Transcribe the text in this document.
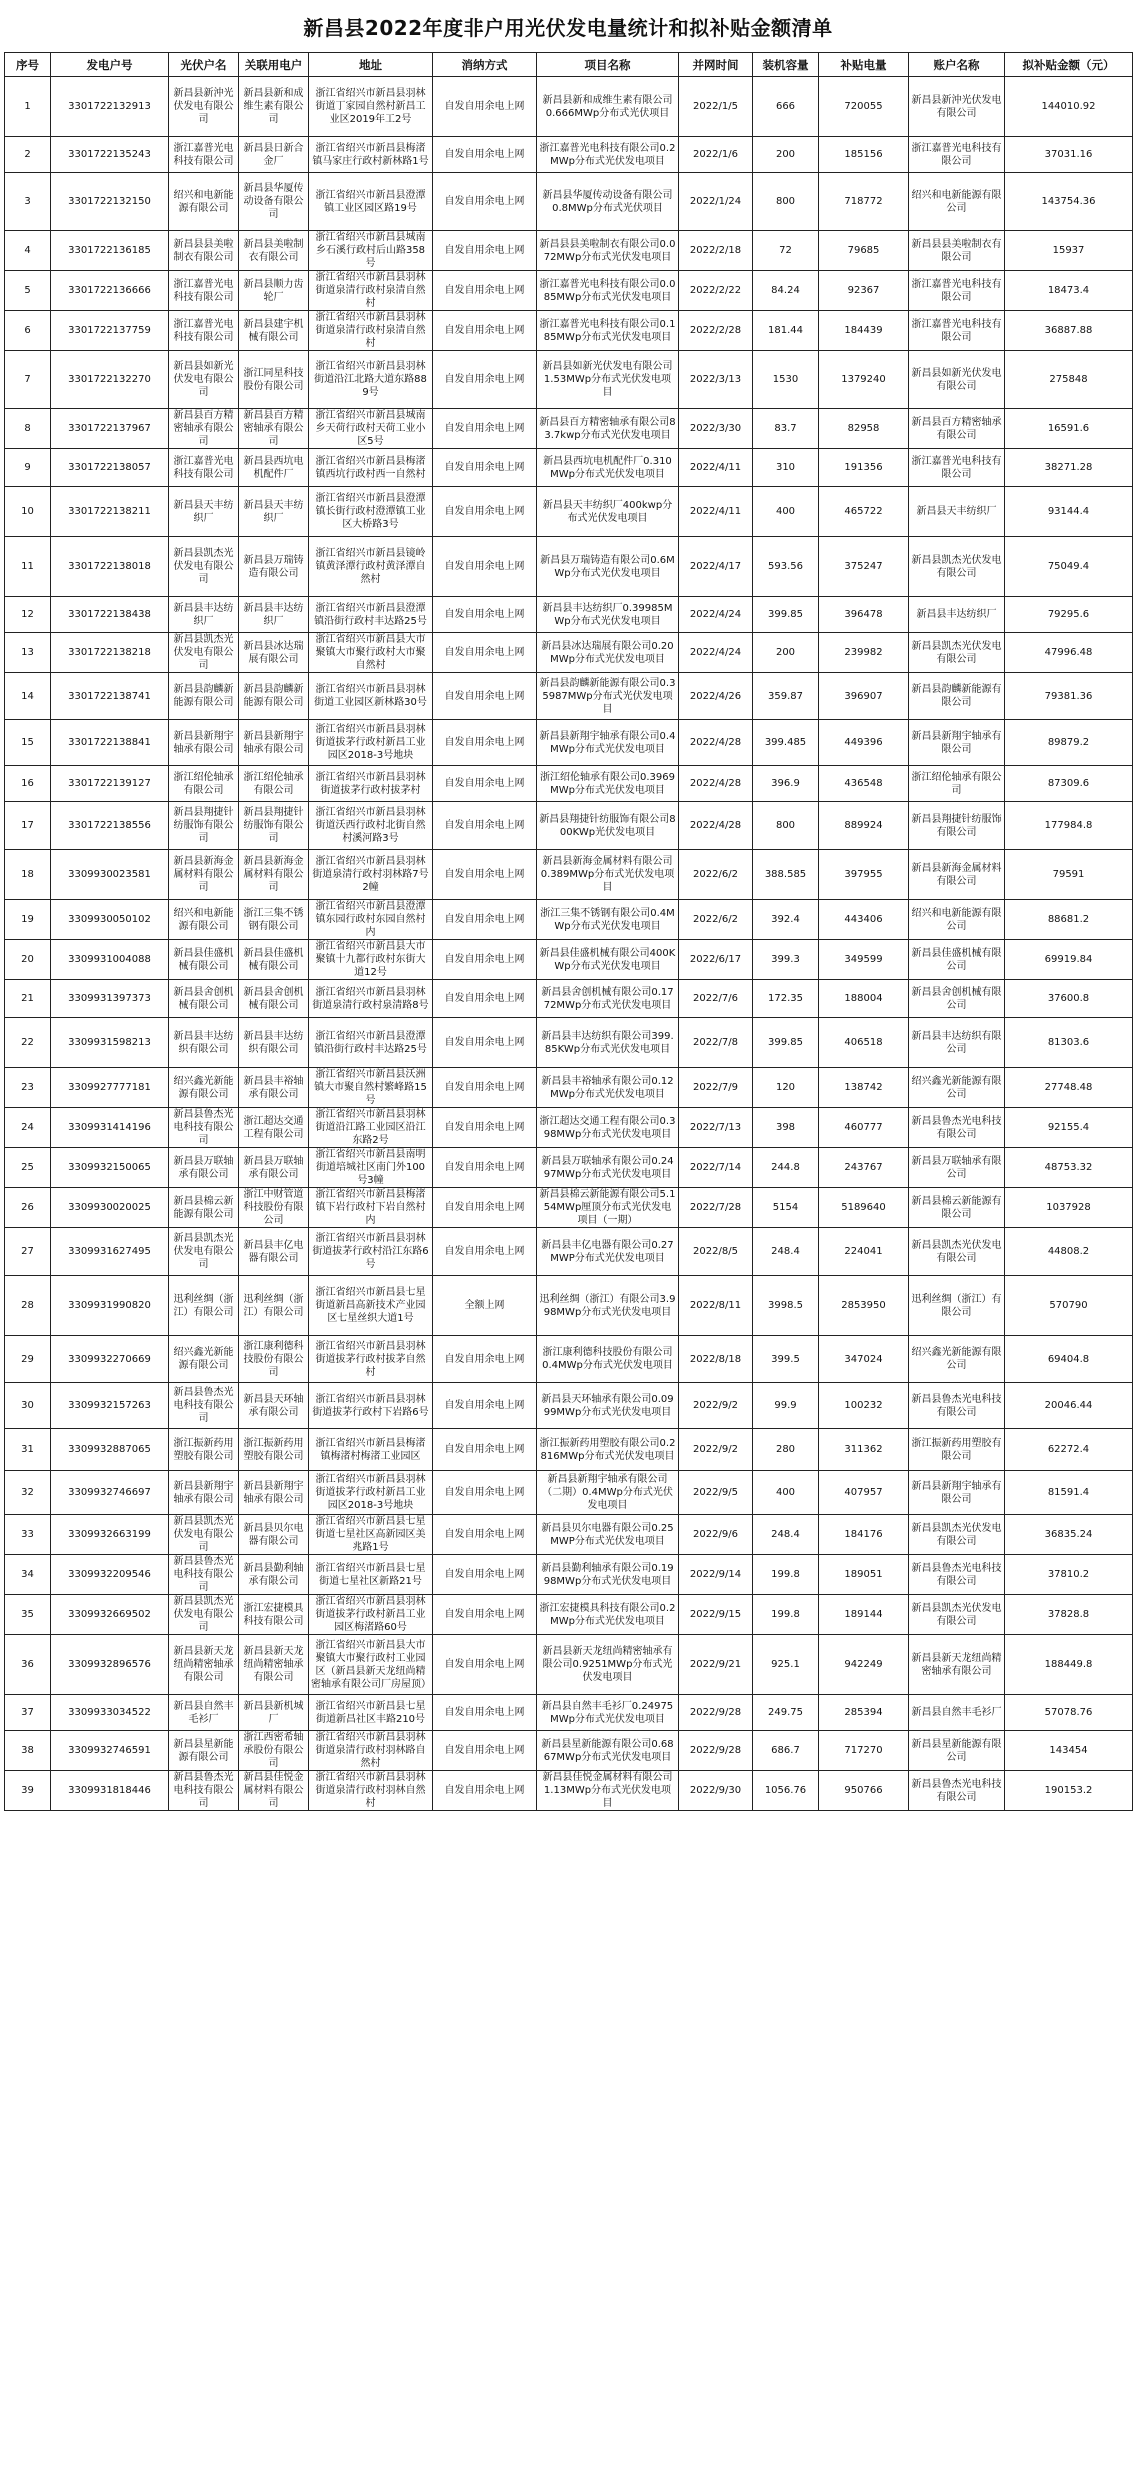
新昌县2022年度非户用光伏发电量统计和拟补贴金额清单
序号	发电户号	光伏户名	关联用电户	地址	消纳方式	项目名称	并网时间	装机容量	补贴电量	账户名称	拟补贴金额（元）
1	3301722132913	新昌县新沖光伏发电有限公司	新昌县新和成维生素有限公司	浙江省绍兴市新昌县羽林街道丁家园自然村新昌工业区2019年工2号	自发自用余电上网	新昌县新和成维生素有限公司0.666MWp分布式光伏项目	2022/1/5	666	720055	新昌县新沖光伏发电有限公司	144010.92
2	3301722135243	浙江嘉普光电科技有限公司	新昌县日新合金厂	浙江省绍兴市新昌县梅渚镇马家庄行政村新林路1号	自发自用余电上网	浙江嘉普光电科技有限公司0.2MWp分布式光伏发电项目	2022/1/6	200	185156	浙江嘉普光电科技有限公司	37031.16
3	3301722132150	绍兴和电新能源有限公司	新昌县华厦传动设备有限公司	浙江省绍兴市新昌县澄潭镇工业区园区路19号	自发自用余电上网	新昌县华厦传动设备有限公司0.8MWp分布式光伏项目	2022/1/24	800	718772	绍兴和电新能源有限公司	143754.36
4	3301722136185	新昌县县美啦制衣有限公司	新昌县美啦制衣有限公司	浙江省绍兴市新昌县城南乡石溪行政村后山路358号	自发自用余电上网	新昌县县美啦制衣有限公司0.072MWp分布式光伏发电项目	2022/2/18	72	79685	新昌县县美啦制衣有限公司	15937
5	3301722136666	浙江嘉普光电科技有限公司	新昌县顺力齿轮厂	浙江省绍兴市新昌县羽林街道泉清行政村泉清自然村	自发自用余电上网	浙江嘉普光电科技有限公司0.085MWp分布式光伏发电项目	2022/2/22	84.24	92367	浙江嘉普光电科技有限公司	18473.4
6	3301722137759	浙江嘉普光电科技有限公司	新昌县建宇机械有限公司	浙江省绍兴市新昌县羽林街道泉清行政村泉清自然村	自发自用余电上网	浙江嘉普光电科技有限公司0.185MWp分布式光伏发电项目	2022/2/28	181.44	184439	浙江嘉普光电科技有限公司	36887.88
7	3301722132270	新昌县如新光伏发电有限公司	浙江同星科技股份有限公司	浙江省绍兴市新昌县羽林街道沿江北路大道东路889号	自发自用余电上网	新昌县如新光伏发电有限公司1.53MWp分布式光伏发电项目	2022/3/13	1530	1379240	新昌县如新光伏发电有限公司	275848
8	3301722137967	新昌县百方精密轴承有限公司	新昌县百方精密轴承有限公司	浙江省绍兴市新昌县城南乡天荷行政村天荷工业小区5号	自发自用余电上网	新昌县百方精密轴承有限公司83.7kwp分布式光伏发电项目	2022/3/30	83.7	82958	新昌县百方精密轴承有限公司	16591.6
9	3301722138057	浙江嘉普光电科技有限公司	新昌县西坑电机配件厂	浙江省绍兴市新昌县梅渚镇西坑行政村西一自然村	自发自用余电上网	新昌县西坑电机配件厂0.310MWp分布式光伏发电项目	2022/4/11	310	191356	浙江嘉普光电科技有限公司	38271.28
10	3301722138211	新昌县天丰纺织厂	新昌县天丰纺织厂	浙江省绍兴市新昌县澄潭镇长街行政村澄潭镇工业区大桥路3号	自发自用余电上网	新昌县天丰纺织厂400kwp分布式光伏发电项目	2022/4/11	400	465722	新昌县天丰纺织厂	93144.4
11	3301722138018	新昌县凯杰光伏发电有限公司	新昌县万瑞铸造有限公司	浙江省绍兴市新昌县镜岭镇黄泽潭行政村黄泽潭自然村	自发自用余电上网	新昌县万瑞铸造有限公司0.6MWp分布式光伏发电项目	2022/4/17	593.56	375247	新昌县凯杰光伏发电有限公司	75049.4
12	3301722138438	新昌县丰达纺织厂	新昌县丰达纺织厂	浙江省绍兴市新昌县澄潭镇沿街行政村丰达路25号	自发自用余电上网	新昌县丰达纺织厂0.39985MWp分布式光伏发电项目	2022/4/24	399.85	396478	新昌县丰达纺织厂	79295.6
13	3301722138218	新昌县凯杰光伏发电有限公司	新昌县冰达瑞展有限公司	浙江省绍兴市新昌县大市聚镇大市聚行政村大市聚自然村	自发自用余电上网	新昌县冰达瑞展有限公司0.20MWp分布式光伏发电项目	2022/4/24	200	239982	新昌县凯杰光伏发电有限公司	47996.48
14	3301722138741	新昌县韵麟新能源有限公司	新昌县韵麟新能源有限公司	浙江省绍兴市新昌县羽林街道工业园区新林路30号	自发自用余电上网	新昌县韵麟新能源有限公司0.35987MWp分布式光伏发电项目	2022/4/26	359.87	396907	新昌县韵麟新能源有限公司	79381.36
15	3301722138841	新昌县新翔宇轴承有限公司	新昌县新翔宇轴承有限公司	浙江省绍兴市新昌县羽林街道拔茅行政村新昌工业园区2018-3号地块	自发自用余电上网	新昌县新翔宇轴承有限公司0.4MWp分布式光伏发电项目	2022/4/28	399.485	449396	新昌县新翔宇轴承有限公司	89879.2
16	3301722139127	浙江绍伦轴承有限公司	浙江绍伦轴承有限公司	浙江省绍兴市新昌县羽林街道拔茅行政村拔茅村	自发自用余电上网	浙江绍伦轴承有限公司0.3969MWp分布式光伏发电项目	2022/4/28	396.9	436548	浙江绍伦轴承有限公司	87309.6
17	3301722138556	新昌县翔捷针纺服饰有限公司	新昌县翔捷针纺服饰有限公司	浙江省绍兴市新昌县羽林街道沃西行政村北街自然村溪河路3号	自发自用余电上网	新昌县翔捷针纺服饰有限公司800KWp光伏发电项目	2022/4/28	800	889924	新昌县翔捷针纺服饰有限公司	177984.8
18	3309930023581	新昌县新海金属材料有限公司	新昌县新海金属材料有限公司	浙江省绍兴市新昌县羽林街道泉清行政村羽林路7号2幢	自发自用余电上网	新昌县新海金属材料有限公司0.389MWp分布式光伏发电项目	2022/6/2	388.585	397955	新昌县新海金属材料有限公司	79591
19	3309930050102	绍兴和电新能源有限公司	浙江三集不锈钢有限公司	浙江省绍兴市新昌县澄潭镇东园行政村东园自然村内	自发自用余电上网	浙江三集不锈钢有限公司0.4MWp分布式光伏发电项目	2022/6/2	392.4	443406	绍兴和电新能源有限公司	88681.2
20	3309931004088	新昌县佳盛机械有限公司	新昌县佳盛机械有限公司	浙江省绍兴市新昌县大市聚镇十九都行政村东街大道12号	自发自用余电上网	新昌县佳盛机械有限公司400KWp分布式光伏发电项目	2022/6/17	399.3	349599	新昌县佳盛机械有限公司	69919.84
21	3309931397373	新昌县舍创机械有限公司	新昌县舍创机械有限公司	浙江省绍兴市新昌县羽林街道泉清行政村泉清路8号	自发自用余电上网	新昌县舍创机械有限公司0.1772MWp分布式光伏发电项目	2022/7/6	172.35	188004	新昌县舍创机械有限公司	37600.8
22	3309931598213	新昌县丰达纺织有限公司	新昌县丰达纺织有限公司	浙江省绍兴市新昌县澄潭镇沿街行政村丰达路25号	自发自用余电上网	新昌县丰达纺织有限公司399.85KWp分布式光伏发电项目	2022/7/8	399.85	406518	新昌县丰达纺织有限公司	81303.6
23	3309927777181	绍兴鑫光新能源有限公司	新昌县丰裕轴承有限公司	浙江省绍兴市新昌县沃洲镇大市聚自然村繁峰路15号	自发自用余电上网	新昌县丰裕轴承有限公司0.12MWp分布式光伏发电项目	2022/7/9	120	138742	绍兴鑫光新能源有限公司	27748.48
24	3309931414196	新昌县鲁杰光电科技有限公司	浙江超达交通工程有限公司	浙江省绍兴市新昌县羽林街道沿江路工业园区沿江东路2号	自发自用余电上网	浙江超达交通工程有限公司0.398MWp分布式光伏发电项目	2022/7/13	398	460777	新昌县鲁杰光电科技有限公司	92155.4
25	3309932150065	新昌县万联轴承有限公司	新昌县万联轴承有限公司	浙江省绍兴市新昌县南明街道培城社区南门外100号3幢	自发自用余电上网	新昌县万联轴承有限公司0.2497MWp分布式光伏发电项目	2022/7/14	244.8	243767	新昌县万联轴承有限公司	48753.32
26	3309930020025	新昌县棉云新能源有限公司	浙江中财管道科技股份有限公司	浙江省绍兴市新昌县梅渚镇下岩行政村下岩自然村内	自发自用余电上网	新昌县棉云新能源有限公司5.154MWp厘顶分布式光伏发电项目（一期）	2022/7/28	5154	5189640	新昌县棉云新能源有限公司	1037928
27	3309931627495	新昌县凯杰光伏发电有限公司	新昌县丰亿电器有限公司	浙江省绍兴市新昌县羽林街道拔茅行政村沿江东路6号	自发自用余电上网	新昌县丰亿电器有限公司0.27MWP分布式光伏发电项目	2022/8/5	248.4	224041	新昌县凯杰光伏发电有限公司	44808.2
28	3309931990820	迅利丝绸（浙江）有限公司	迅利丝绸（浙江）有限公司	浙江省绍兴市新昌县七星街道新昌高新技术产业园区七星丝织大道1号	全额上网	迅利丝绸（浙江）有限公司3.998MWp分布式光伏发电项目	2022/8/11	3998.5	2853950	迅利丝绸（浙江）有限公司	570790
29	3309932270669	绍兴鑫光新能源有限公司	浙江康利德科技股份有限公司	浙江省绍兴市新昌县羽林街道拔茅行政村拔茅自然村	自发自用余电上网	浙江康利德科技股份有限公司0.4MWp分布式光伏发电项目	2022/8/18	399.5	347024	绍兴鑫光新能源有限公司	69404.8
30	3309932157263	新昌县鲁杰光电科技有限公司	新昌县天环轴承有限公司	浙江省绍兴市新昌县羽林街道拔茅行政村下岩路6号	自发自用余电上网	新昌县天环轴承有限公司0.0999MWp分布式光伏发电项目	2022/9/2	99.9	100232	新昌县鲁杰光电科技有限公司	20046.44
31	3309932887065	浙江振新药用塑胶有限公司	浙江振新药用塑胶有限公司	浙江省绍兴市新昌县梅渚镇梅渚村梅渚工业园区	自发自用余电上网	浙江振新药用塑胶有限公司0.2816MWp分布式光伏发电项目	2022/9/2	280	311362	浙江振新药用塑胶有限公司	62272.4
32	3309932746697	新昌县新翔宇轴承有限公司	新昌县新翔宇轴承有限公司	浙江省绍兴市新昌县羽林街道拔茅行政村新昌工业园区2018-3号地块	自发自用余电上网	新昌县新翔宇轴承有限公司（二期）0.4MWp分布式光伏发电项目	2022/9/5	400	407957	新昌县新翔宇轴承有限公司	81591.4
33	3309932663199	新昌县凯杰光伏发电有限公司	新昌县贝尔电器有限公司	浙江省绍兴市新昌县七星街道七星社区高新园区美兆路1号	自发自用余电上网	新昌县贝尔电器有限公司0.25MWP分布式光伏发电项目	2022/9/6	248.4	184176	新昌县凯杰光伏发电有限公司	36835.24
34	3309932209546	新昌县鲁杰光电科技有限公司	新昌县勤利轴承有限公司	浙江省绍兴市新昌县七星街道七星社区新路21号	自发自用余电上网	新昌县勤利轴承有限公司0.1998MWp分布式光伏发电项目	2022/9/14	199.8	189051	新昌县鲁杰光电科技有限公司	37810.2
35	3309932669502	新昌县凯杰光伏发电有限公司	浙江宏捷模具科技有限公司	浙江省绍兴市新昌县羽林街道拔茅行政村新昌工业园区梅渚路60号	自发自用余电上网	浙江宏捷模具科技有限公司0.2MWp分布式光伏发电项目	2022/9/15	199.8	189144	新昌县凯杰光伏发电有限公司	37828.8
36	3309932896576	新昌县新天龙纽尚精密轴承有限公司	新昌县新天龙纽尚精密轴承有限公司	浙江省绍兴市新昌县大市聚镇大市聚行政村工业园区（新昌县新天龙纽尚精密轴承有限公司厂房屋顶）	自发自用余电上网	新昌县新天龙纽尚精密轴承有限公司0.9251MWp分布式光伏发电项目	2022/9/21	925.1	942249	新昌县新天龙纽尚精密轴承有限公司	188449.8
37	3309933034522	新昌县自然丰毛衫厂	新昌县新机城厂	浙江省绍兴市新昌县七星街道新昌社区丰路210号	自发自用余电上网	新昌县自然丰毛衫厂0.24975MWp分布式光伏发电项目	2022/9/28	249.75	285394	新昌县自然丰毛衫厂	57078.76
38	3309932746591	新昌县星新能源有限公司	浙江西密希轴承股份有限公司	浙江省绍兴市新昌县羽林街道泉清行政村羽林路自然村	自发自用余电上网	新昌县星新能源有限公司0.6867MWp分布式光伏发电项目	2022/9/28	686.7	717270	新昌县星新能源有限公司	143454
39	3309931818446	新昌县鲁杰光电科技有限公司	新昌县佳悦金属材料有限公司	浙江省绍兴市新昌县羽林街道泉清行政村羽林自然村	自发自用余电上网	新昌县佳悦金属材料有限公司1.13MWp分布式光伏发电项目	2022/9/30	1056.76	950766	新昌县鲁杰光电科技有限公司	190153.2
